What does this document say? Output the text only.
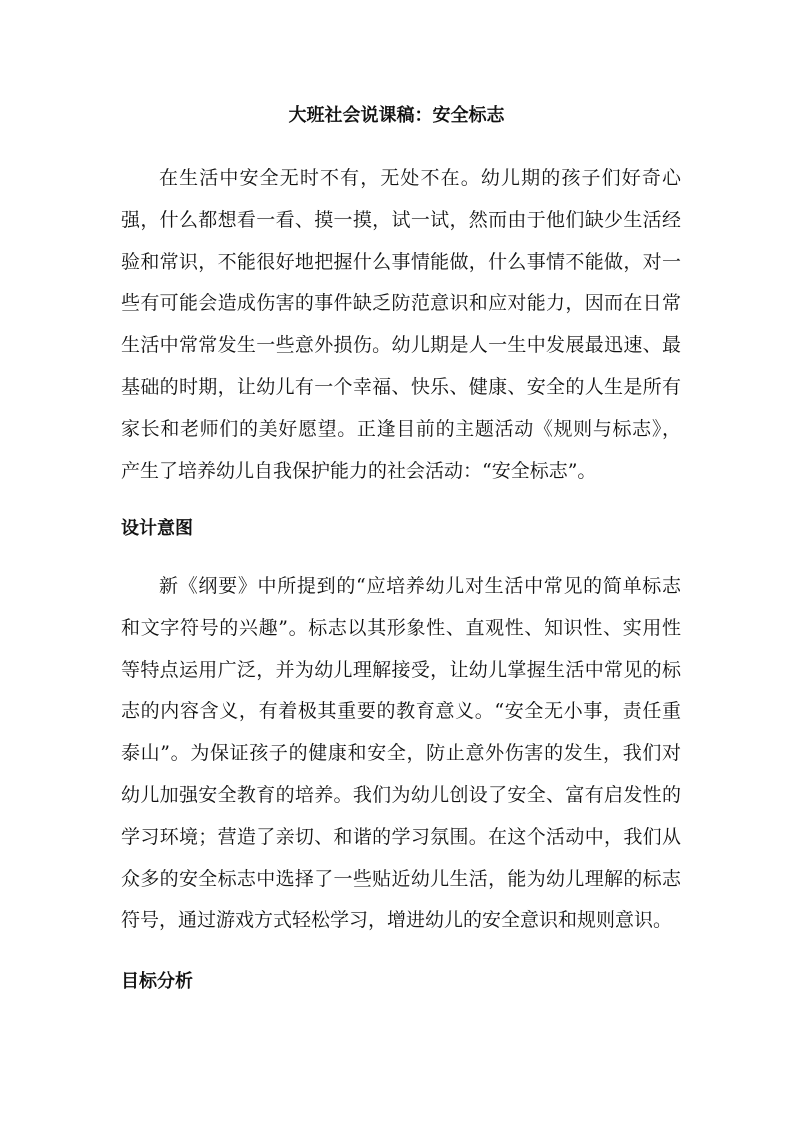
大班社会说课稿：安全标志

在生活中安全无时不有，无处不在。幼儿期的孩子们好奇心强，什么都想看一看、摸一摸，试一试，然而由于他们缺少生活经验和常识，不能很好地把握什么事情能做，什么事情不能做，对一些有可能会造成伤害的事件缺乏防范意识和应对能力，因而在日常生活中常常发生一些意外损伤。幼儿期是人一生中发展最迅速、最基础的时期，让幼儿有一个幸福、快乐、健康、安全的人生是所有家长和老师们的美好愿望。正逢目前的主题活动《规则与标志》，产生了培养幼儿自我保护能力的社会活动：“安全标志”。

设计意图

新《纲要》中所提到的“应培养幼儿对生活中常见的简单标志和文字符号的兴趣”。标志以其形象性、直观性、知识性、实用性等特点运用广泛，并为幼儿理解接受，让幼儿掌握生活中常见的标志的内容含义，有着极其重要的教育意义。“安全无小事，责任重泰山”。为保证孩子的健康和安全，防止意外伤害的发生，我们对幼儿加强安全教育的培养。我们为幼儿创设了安全、富有启发性的学习环境；营造了亲切、和谐的学习氛围。在这个活动中，我们从众多的安全标志中选择了一些贴近幼儿生活，能为幼儿理解的标志符号，通过游戏方式轻松学习，增进幼儿的安全意识和规则意识。

目标分析
